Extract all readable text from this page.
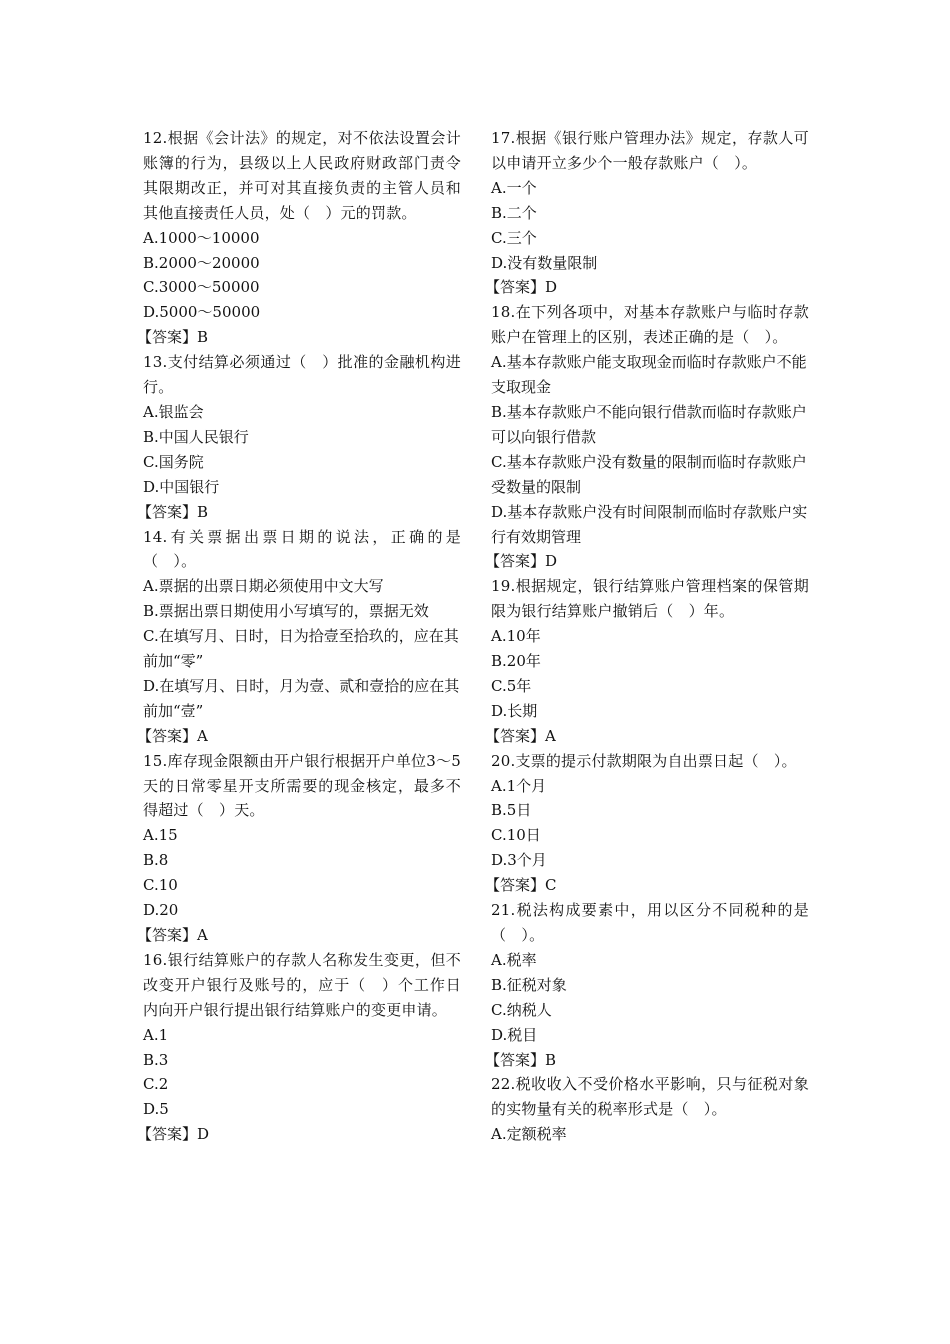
12.根据《会计法》的规定，对不依法设置会计账簿的行为，县级以上人民政府财政部门责令其限期改正，并可对其直接负责的主管人员和其他直接责任人员，处（　）元的罚款。
A.1000～10000
B.2000～20000
C.3000～50000
D.5000～50000
【答案】B
13.支付结算必须通过（　）批准的金融机构进行。
A.银监会
B.中国人民银行
C.国务院
D.中国银行
【答案】B
14.有关票据出票日期的说法，正确的是（　）。
A.票据的出票日期必须使用中文大写
B.票据出票日期使用小写填写的，票据无效
C.在填写月、日时，日为拾壹至拾玖的，应在其前加“零”
D.在填写月、日时，月为壹、贰和壹拾的应在其前加“壹”
【答案】A
15.库存现金限额由开户银行根据开户单位3～5天的日常零星开支所需要的现金核定，最多不得超过（　）天。
A.15
B.8
C.10
D.20
【答案】A
16.银行结算账户的存款人名称发生变更，但不改变开户银行及账号的，应于（　）个工作日内向开户银行提出银行结算账户的变更申请。
A.1
B.3
C.2
D.5
【答案】D
17.根据《银行账户管理办法》规定，存款人可以申请开立多少个一般存款账户（　）。
A.一个
B.二个
C.三个
D.没有数量限制
【答案】D
18.在下列各项中，对基本存款账户与临时存款账户在管理上的区别，表述正确的是（　）。
A.基本存款账户能支取现金而临时存款账户不能支取现金
B.基本存款账户不能向银行借款而临时存款账户可以向银行借款
C.基本存款账户没有数量的限制而临时存款账户受数量的限制
D.基本存款账户没有时间限制而临时存款账户实行有效期管理
【答案】D
19.根据规定，银行结算账户管理档案的保管期限为银行结算账户撤销后（　）年。
A.10年
B.20年
C.5年
D.长期
【答案】A
20.支票的提示付款期限为自出票日起（　）。
A.1个月
B.5日
C.10日
D.3个月
【答案】C
21.税法构成要素中，用以区分不同税种的是（　）。
A.税率
B.征税对象
C.纳税人
D.税目
【答案】B
22.税收收入不受价格水平影响，只与征税对象的实物量有关的税率形式是（　）。
A.定额税率
